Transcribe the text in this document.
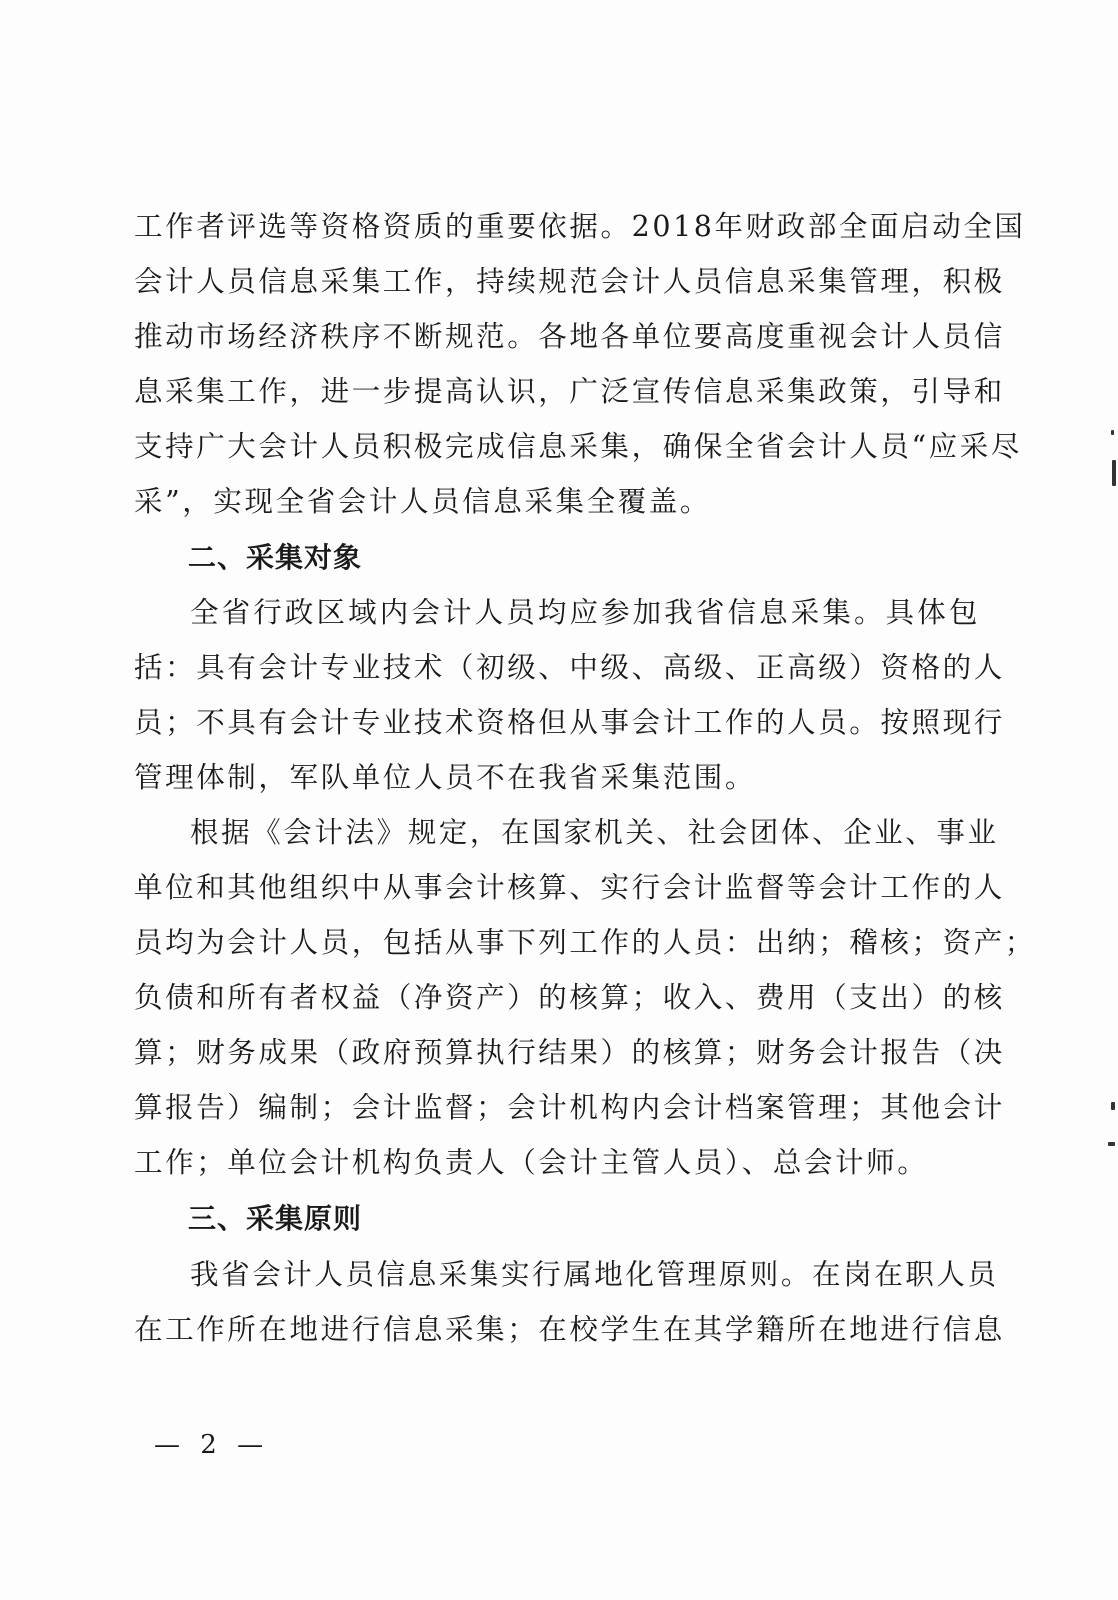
工作者评选等资格资质的重要依据。2018年财政部全面启动全国
会计人员信息采集工作，持续规范会计人员信息采集管理，积极
推动市场经济秩序不断规范。各地各单位要高度重视会计人员信
息采集工作，进一步提高认识，广泛宣传信息采集政策，引导和
支持广大会计人员积极完成信息采集，确保全省会计人员“应采尽
采”，实现全省会计人员信息采集全覆盖。
二、采集对象
全省行政区域内会计人员均应参加我省信息采集。具体包
括：具有会计专业技术（初级、中级、高级、正高级）资格的人
员；不具有会计专业技术资格但从事会计工作的人员。按照现行
管理体制，军队单位人员不在我省采集范围。
根据《会计法》规定，在国家机关、社会团体、企业、事业
单位和其他组织中从事会计核算、实行会计监督等会计工作的人
员均为会计人员，包括从事下列工作的人员：出纳；稽核；资产；
负债和所有者权益（净资产）的核算；收入、费用（支出）的核
算；财务成果（政府预算执行结果）的核算；财务会计报告（决
算报告）编制；会计监督；会计机构内会计档案管理；其他会计
工作；单位会计机构负责人（会计主管人员）、总会计师。
三、采集原则
我省会计人员信息采集实行属地化管理原则。在岗在职人员
在工作所在地进行信息采集；在校学生在其学籍所在地进行信息
— 2 —
